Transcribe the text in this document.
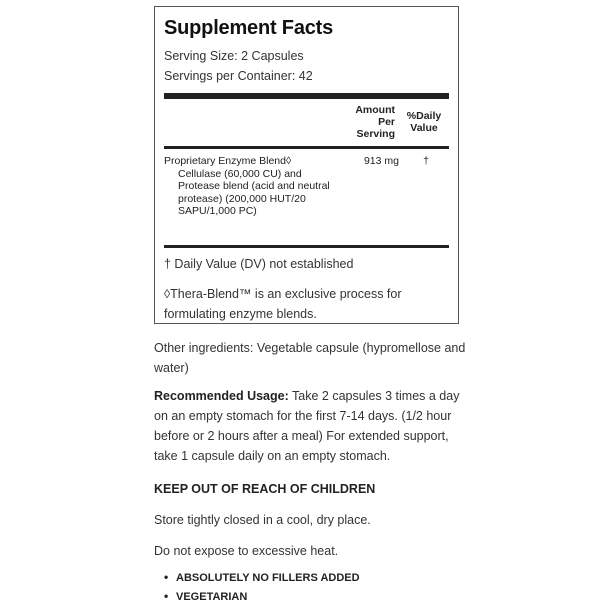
Supplement Facts
Serving Size: 2 Capsules
Servings per Container: 42
Amount
Per
Serving
%Daily
Value
Proprietary Enzyme Blend◊
Cellulase (60,000 CU) and
Protease blend (acid and neutral
protease) (200,000 HUT/20
SAPU/1,000 PC)
913 mg	†
† Daily Value (DV) not established
◊Thera-Blend™ is an exclusive process for formulating enzyme blends.
Other ingredients: Vegetable capsule (hypromellose and water)
Recommended Usage: Take 2 capsules 3 times a day on an empty stomach for the first 7-14 days. (1/2 hour before or 2 hours after a meal) For extended support, take 1 capsule daily on an empty stomach.
KEEP OUT OF REACH OF CHILDREN
Store tightly closed in a cool, dry place.
Do not expose to excessive heat.
• ABSOLUTELY NO FILLERS ADDED
• VEGETARIAN
